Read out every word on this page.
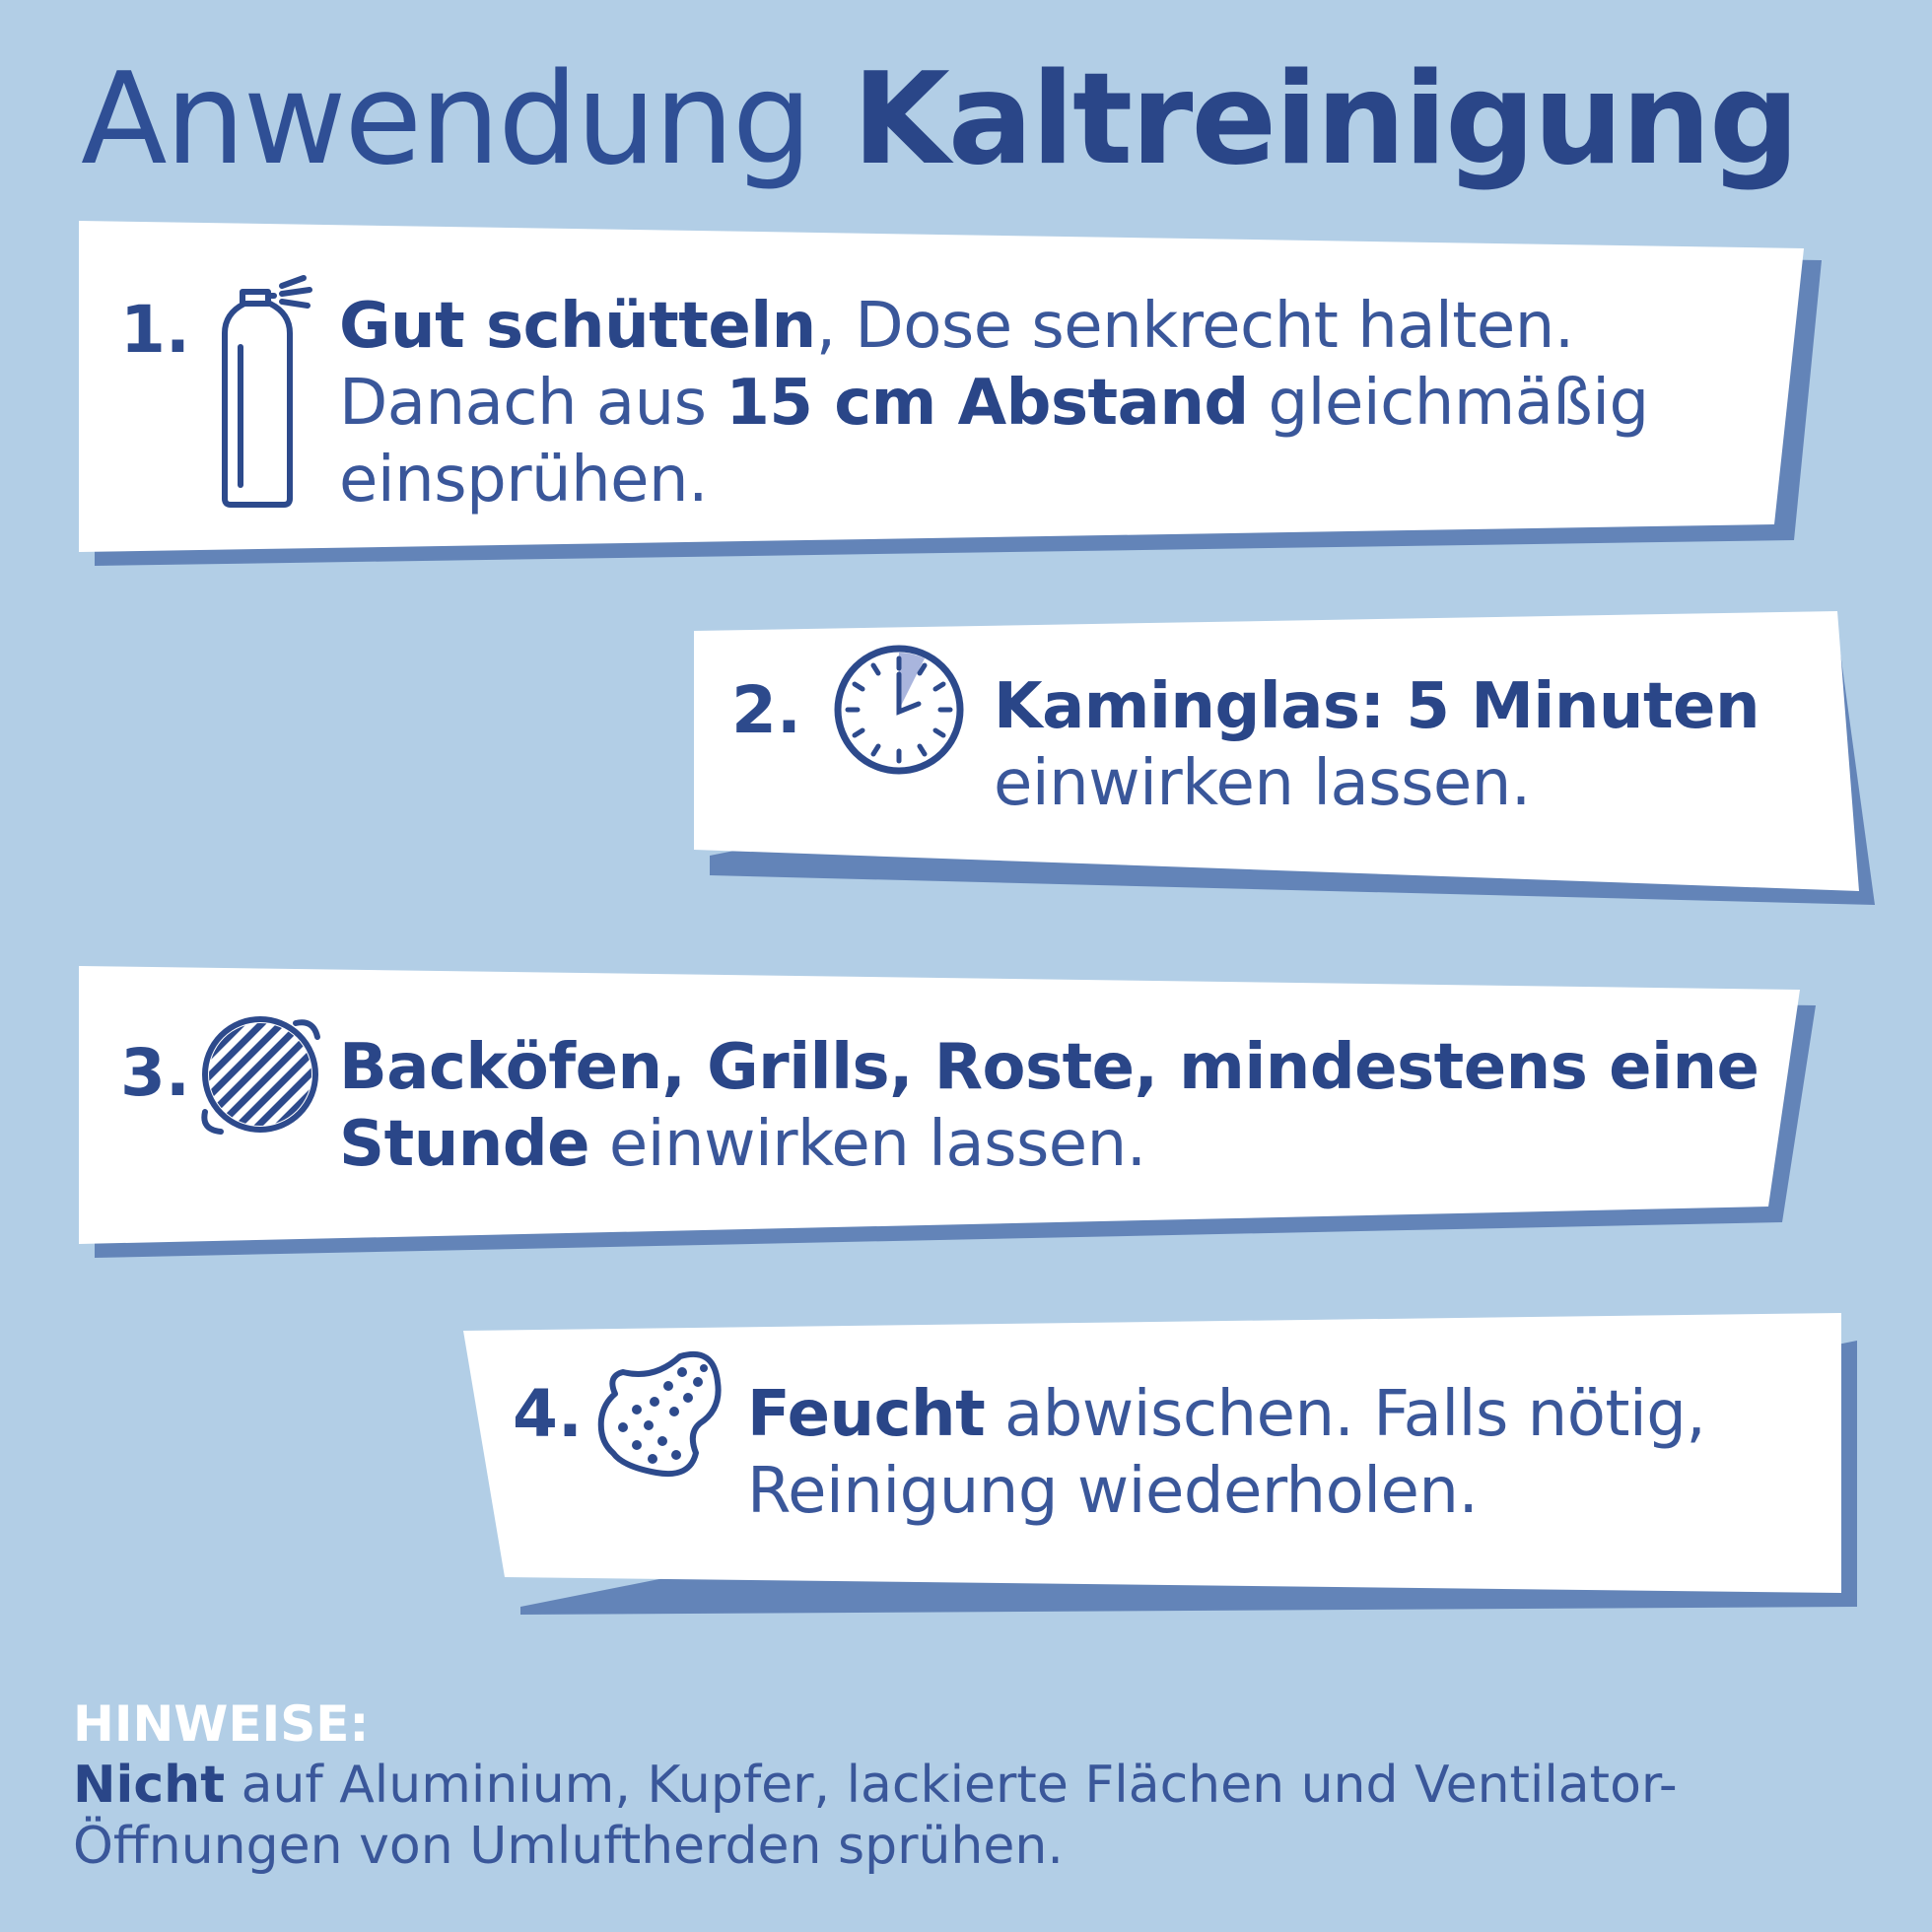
Anwendung Kaltreinigung
1. Gut schütteln, Dose senkrecht halten.
Danach aus 15 cm Abstand gleichmäßig
einsprühen.
2.	Kaminglas: 5 Minuten
einwirken lassen.
3. Backöfen, Grills, Roste, mindestens eine
Stunde einwirken lassen.
4.	Feucht abwischen. Falls nötig,
Reinigung wiederholen.
HINWEISE:
Nicht auf Aluminium, Kupfer, lackierte Flächen und Ventilator-
Öffnungen von Umluftherden sprühen.
